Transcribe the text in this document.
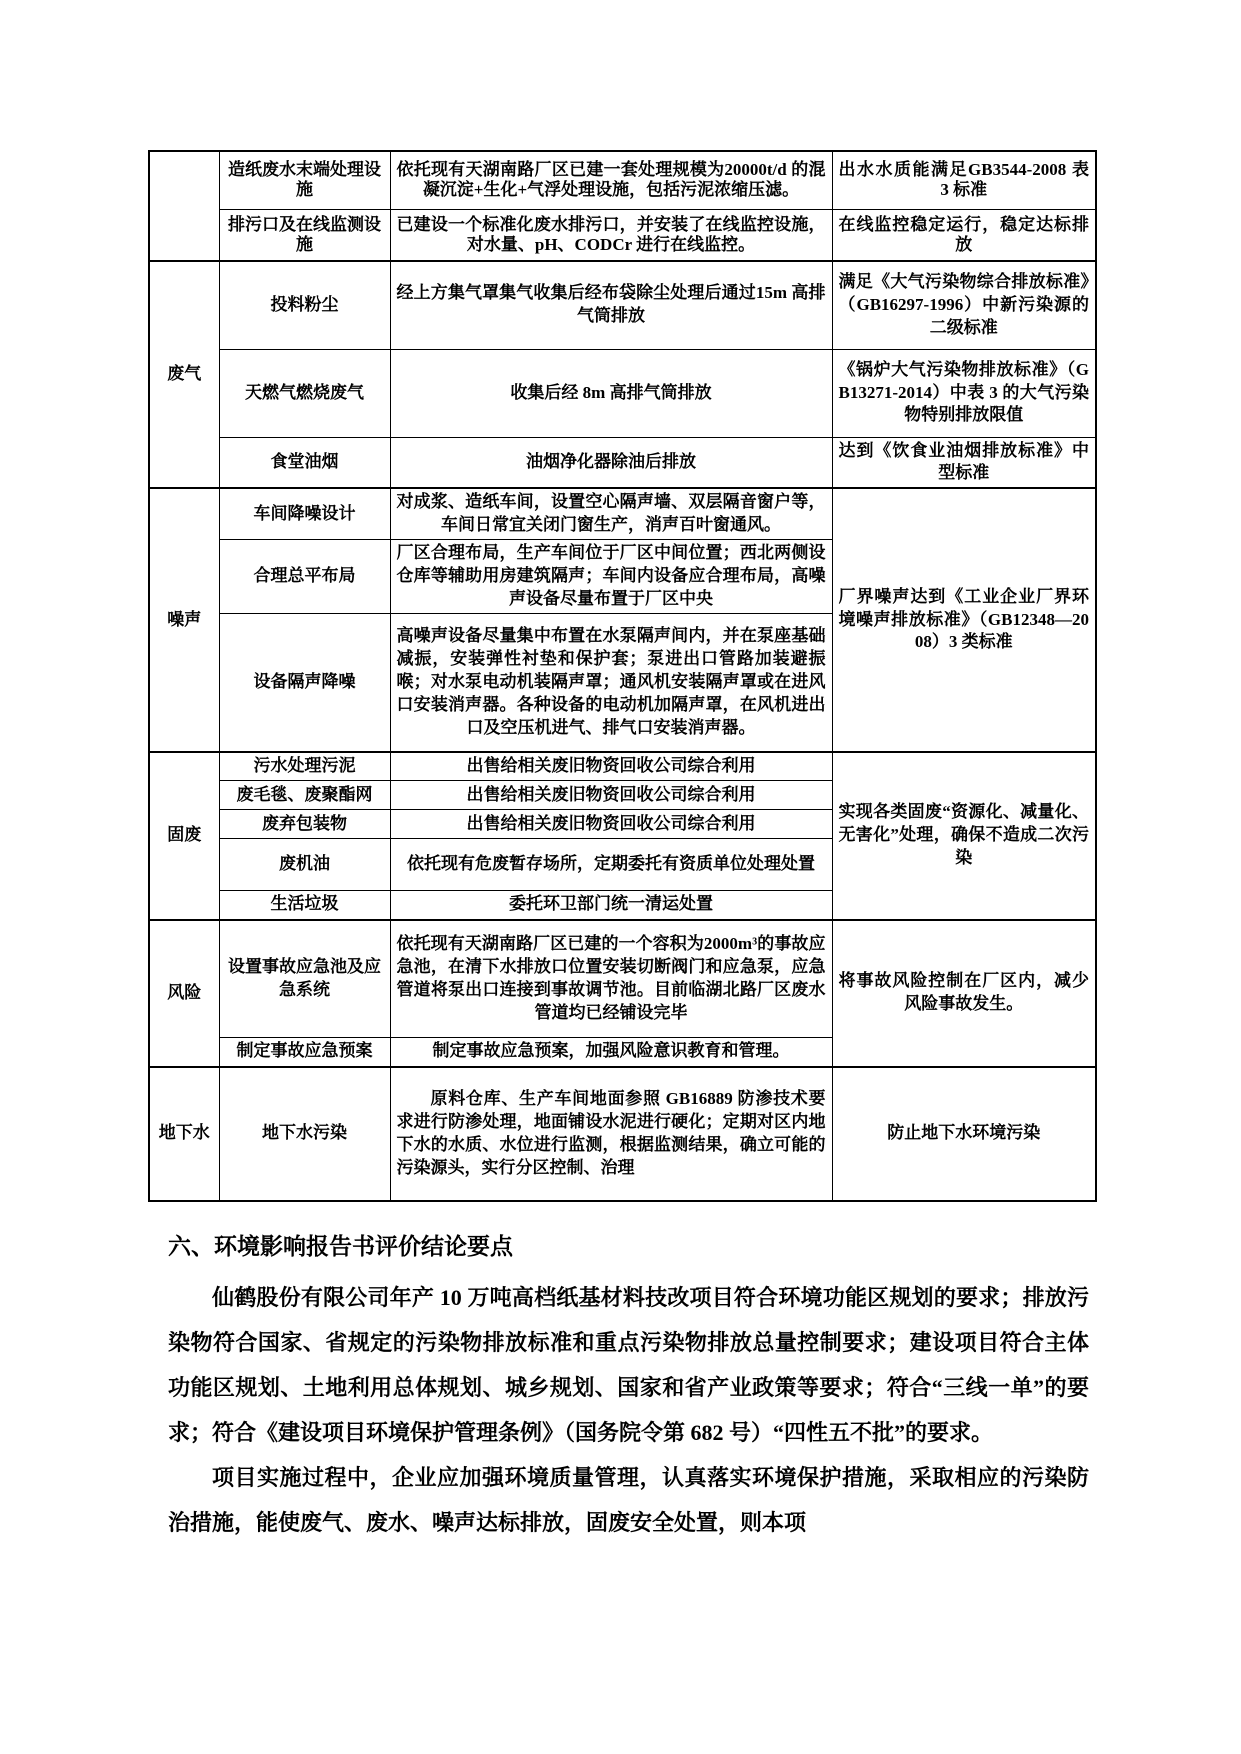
	造纸废水末端处理设施	依托现有天湖南路厂区已建一套处理规模为20000t/d 的混凝沉淀+生化+气浮处理设施，包括污泥浓缩压滤。	出水水质能满足GB3544-2008 表 3 标准
	排污口及在线监测设施	已建设一个标准化废水排污口，并安装了在线监控设施，对水量、pH、CODCr 进行在线监控。	在线监控稳定运行，稳定达标排放
废气	投料粉尘	经上方集气罩集气收集后经布袋除尘处理后通过15m 高排气筒排放	满足《大气污染物综合排放标准》（GB16297-1996）中新污染源的二级标准
	天燃气燃烧废气	收集后经 8m 高排气筒排放	《锅炉大气污染物排放标准》（GB13271-2014）中表 3 的大气污染物特别排放限值
	食堂油烟	油烟净化器除油后排放	达到《饮食业油烟排放标准》中型标准
噪声	车间降噪设计	对成浆、造纸车间，设置空心隔声墙、双层隔音窗户等，车间日常宜关闭门窗生产，消声百叶窗通风。	厂界噪声达到《工业企业厂界环境噪声排放标准》（GB12348—2008）3 类标准
	合理总平布局	厂区合理布局，生产车间位于厂区中间位置；西北两侧设仓库等辅助用房建筑隔声；车间内设备应合理布局，高噪声设备尽量布置于厂区中央	
	设备隔声降噪	高噪声设备尽量集中布置在水泵隔声间内，并在泵座基础减振，安装弹性衬垫和保护套；泵进出口管路加装避振喉；对水泵电动机装隔声罩；通风机安装隔声罩或在进风口安装消声器。各种设备的电动机加隔声罩，在风机进出口及空压机进气、排气口安装消声器。	
固废	污水处理污泥	出售给相关废旧物资回收公司综合利用	实现各类固废“资源化、减量化、无害化”处理，确保不造成二次污染
	废毛毯、废聚酯网	出售给相关废旧物资回收公司综合利用	
	废弃包装物	出售给相关废旧物资回收公司综合利用	
	废机油	依托现有危废暂存场所，定期委托有资质单位处理处置	
	生活垃圾	委托环卫部门统一清运处置	
风险	设置事故应急池及应急系统	依托现有天湖南路厂区已建的一个容积为2000m³的事故应急池，在清下水排放口位置安装切断阀门和应急泵，应急管道将泵出口连接到事故调节池。目前临湖北路厂区废水管道均已经铺设完毕	将事故风险控制在厂区内，减少风险事故发生。
	制定事故应急预案	制定事故应急预案，加强风险意识教育和管理。	
地下水	地下水污染	原料仓库、生产车间地面参照 GB16889 防渗技术要求进行防渗处理，地面铺设水泥进行硬化；定期对区内地下水的水质、水位进行监测，根据监测结果，确立可能的污染源头，实行分区控制、治理	防止地下水环境污染
六、环境影响报告书评价结论要点

仙鹤股份有限公司年产 10 万吨高档纸基材料技改项目符合环境功能区规划的要求；排放污染物符合国家、省规定的污染物排放标准和重点污染物排放总量控制要求；建设项目符合主体功能区规划、土地利用总体规划、城乡规划、国家和省产业政策等要求；符合“三线一单”的要求；符合《建设项目环境保护管理条例》（国务院令第 682 号）“四性五不批”的要求。

项目实施过程中，企业应加强环境质量管理，认真落实环境保护措施，采取相应的污染防治措施，能使废气、废水、噪声达标排放，固废安全处置，则本项
